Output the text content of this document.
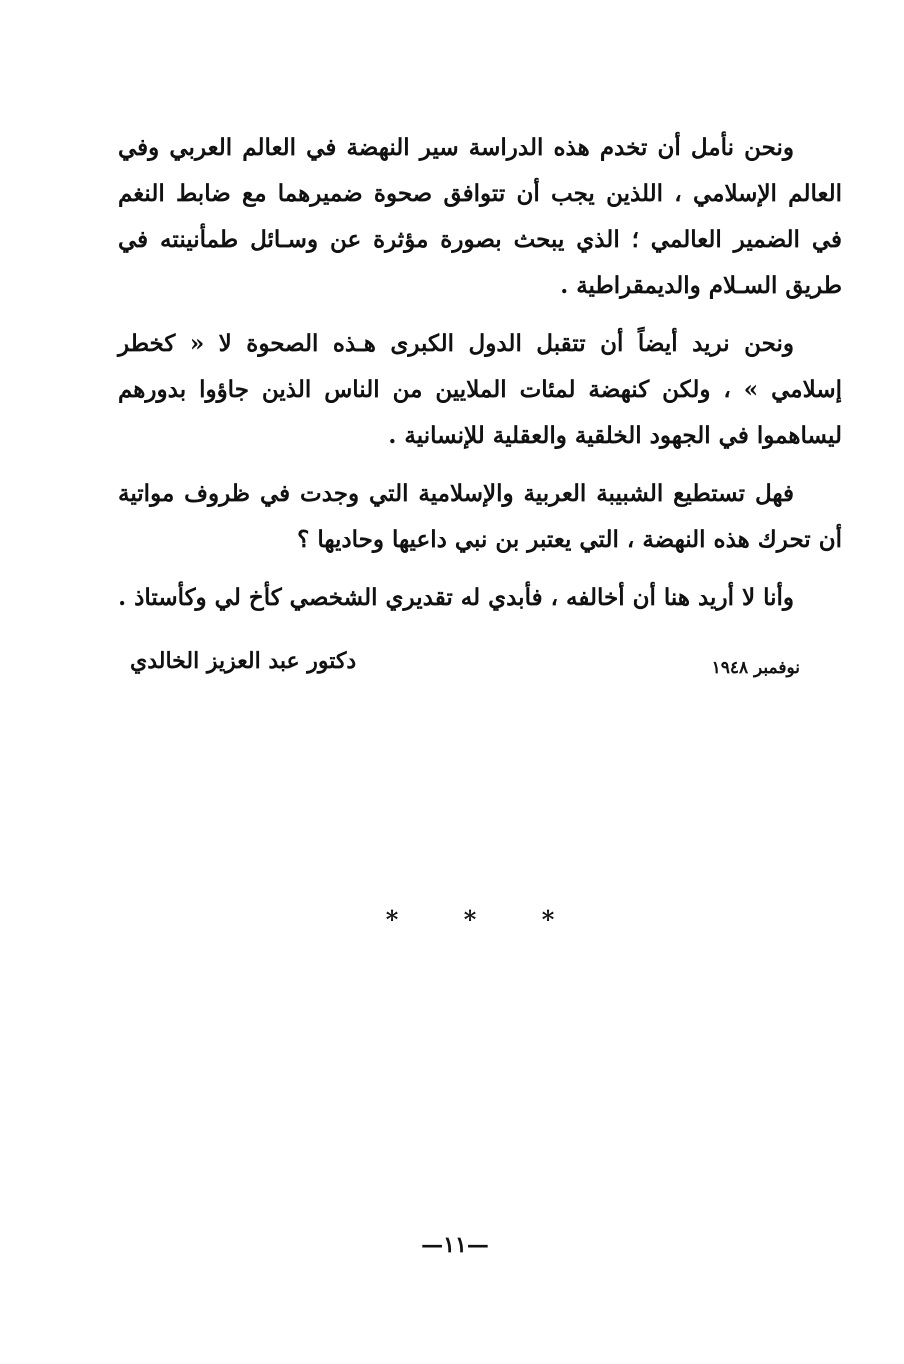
ونحن نأمل أن تخدم هذه الدراسة سير النهضة في العالم العربي وفي العالم الإسلامي ، اللذين يجب أن تتوافق صحوة ضميرهما مع ضابط النغم في الضمير العالمي ؛ الذي يبحث بصورة مؤثرة عن وسـائل طمأنينته في طريق السـلام والديمقراطية .

ونحن نريد أيضاً أن تتقبل الدول الكبرى هـذه الصحوة لا « كخطر إسلامي » ، ولكن كنهضة لمئات الملايين من الناس الذين جاؤوا بدورهم ليساهموا في الجهود الخلقية والعقلية للإنسانية .

فهل تستطيع الشبيبة العربية والإسلامية التي وجدت في ظروف مواتية أن تحرك هذه النهضة ، التي يعتبر بن نبي داعيها وحاديها ؟

وأنا لا أريد هنا أن أخالفه ، فأبدي له تقديري الشخصي كأخ لي وكأستاذ .

نوفمبر ١٩٤٨
دكتور عبد العزيز الخالدي
*	*	*
—١١—
